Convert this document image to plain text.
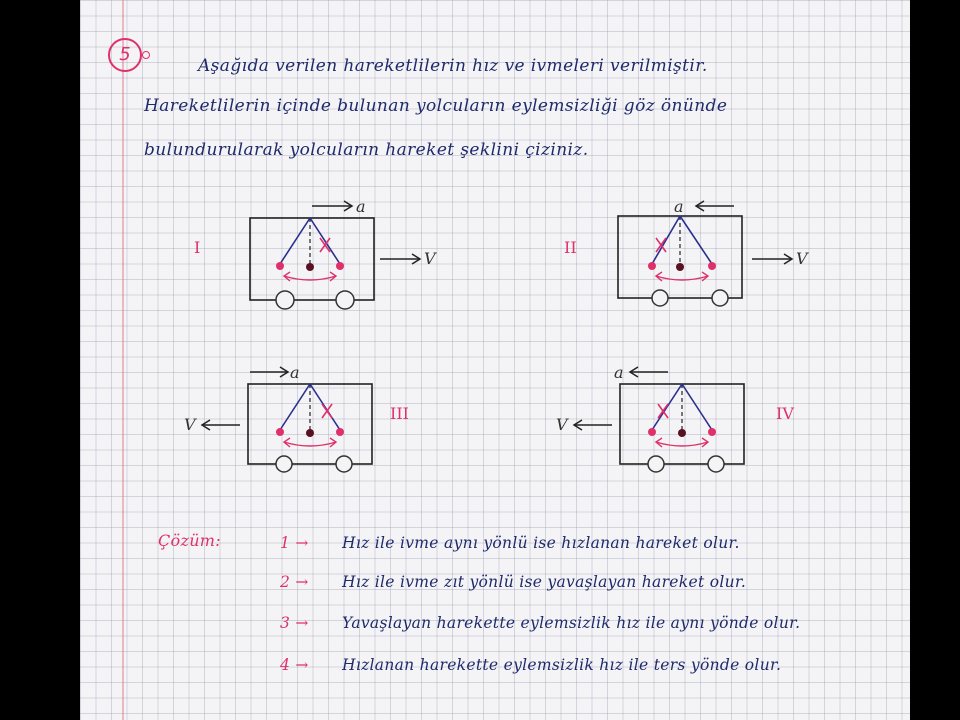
5
Aşağıda verilen hareketlilerin hız ve ivmeleri verilmiştir.
Hareketlilerin içinde bulunan yolcuların eylemsizliği göz önünde
bulundurularak yolcuların hareket şeklini çiziniz.
I
a
V
II
a
V
a
V
III
a
V
IV
Çözüm:	1 → Hız ile ivme aynı yönlü ise hızlanan hareket olur.
2 → Hız ile ivme zıt yönlü ise yavaşlayan hareket olur.
3 → Yavaşlayan harekette eylemsizlik hız ile aynı yönde olur.
4 → Hızlanan harekette eylemsizlik hız ile ters yönde olur.
